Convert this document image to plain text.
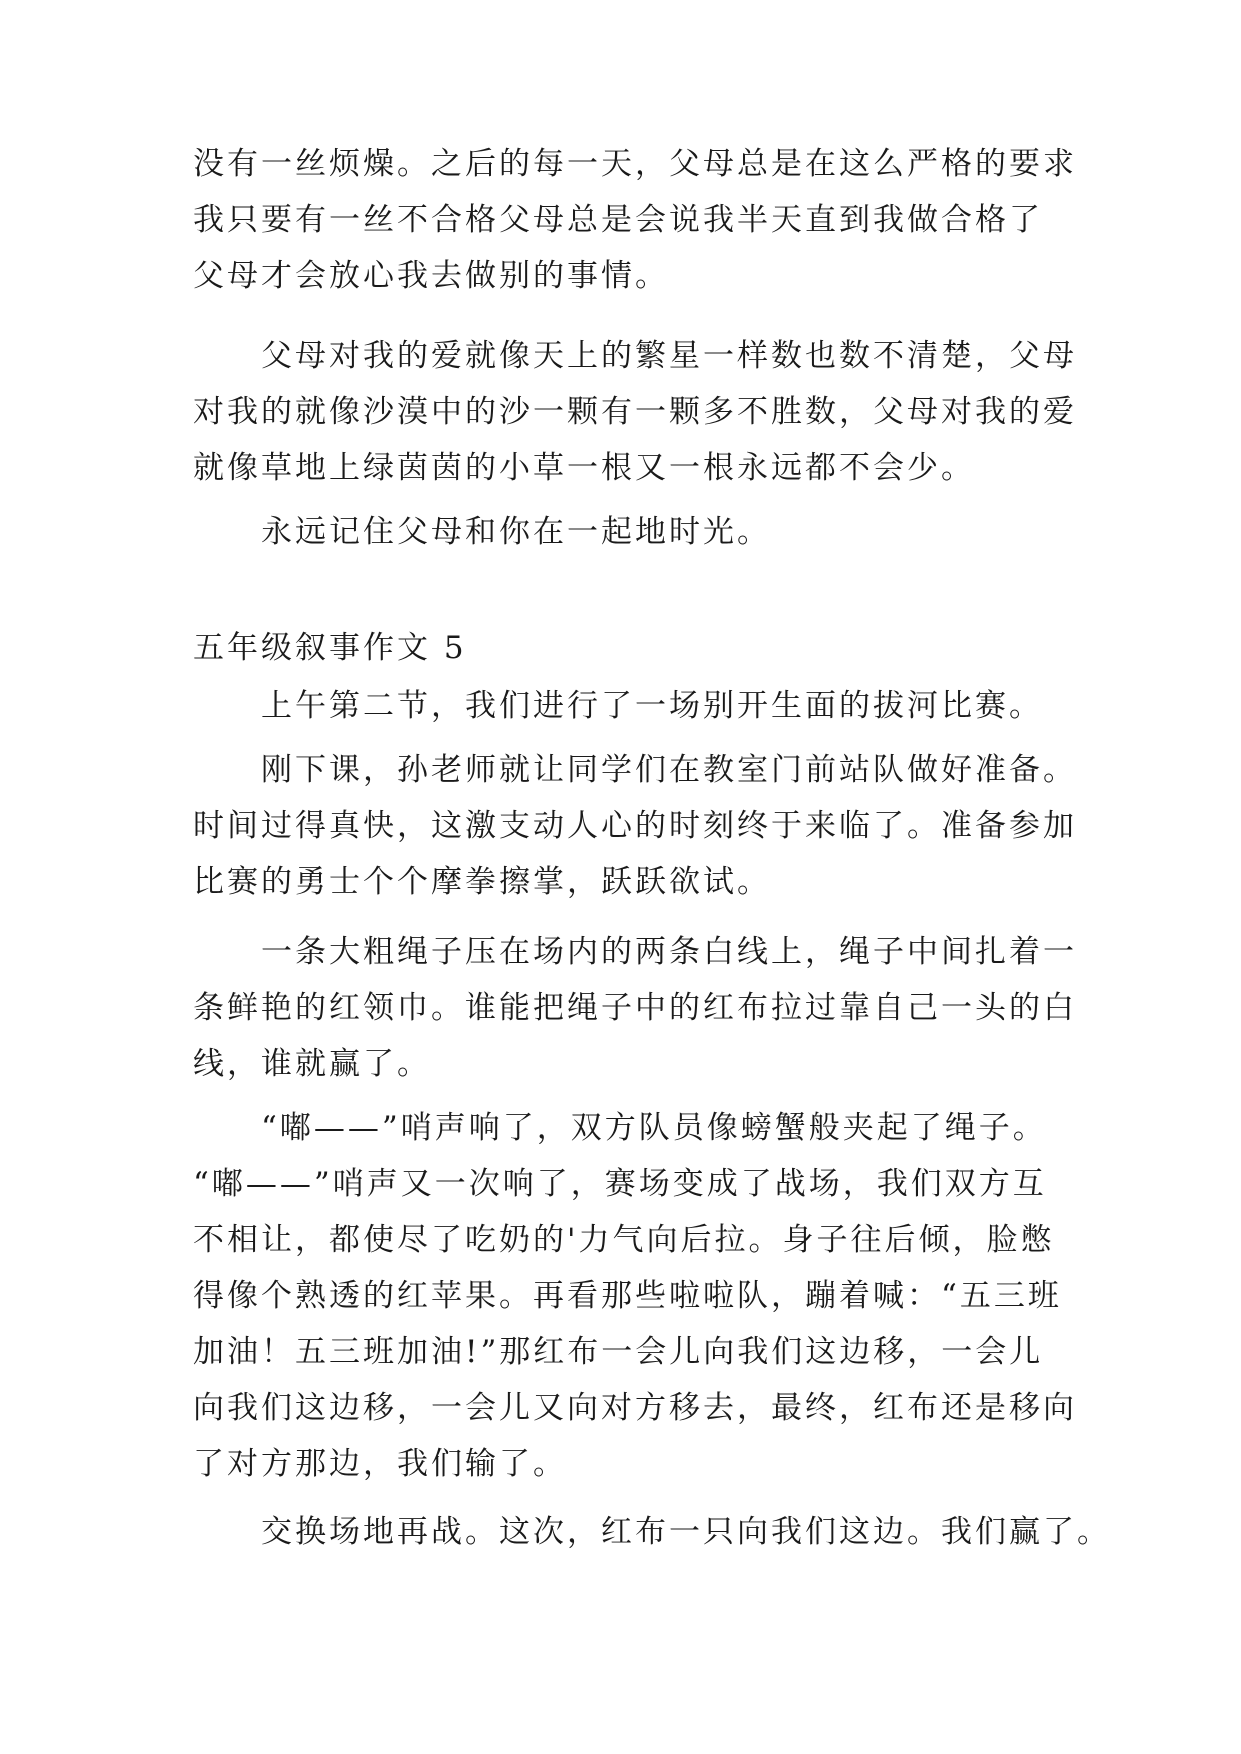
没有一丝烦燥。之后的每一天，父母总是在这么严格的要求
我只要有一丝不合格父母总是会说我半天直到我做合格了
父母才会放心我去做别的事情。
　　父母对我的爱就像天上的繁星一样数也数不清楚，父母
对我的就像沙漠中的沙一颗有一颗多不胜数，父母对我的爱
就像草地上绿茵茵的小草一根又一根永远都不会少。
　　永远记住父母和你在一起地时光。
五年级叙事作文 5
　　上午第二节，我们进行了一场别开生面的拔河比赛。
　　刚下课，孙老师就让同学们在教室门前站队做好准备。
时间过得真快，这激支动人心的时刻终于来临了。准备参加
比赛的勇士个个摩拳擦掌，跃跃欲试。
　　一条大粗绳子压在场内的两条白线上，绳子中间扎着一
条鲜艳的红领巾。谁能把绳子中的红布拉过靠自己一头的白
线，谁就赢了。
　　“嘟——”哨声响了，双方队员像螃蟹般夹起了绳子。
“嘟——”哨声又一次响了，赛场变成了战场，我们双方互
不相让，都使尽了吃奶的'力气向后拉。身子往后倾，脸憋
得像个熟透的红苹果。再看那些啦啦队，蹦着喊：“五三班
加油！五三班加油!”那红布一会儿向我们这边移，一会儿
向我们这边移，一会儿又向对方移去，最终，红布还是移向
了对方那边，我们输了。
　　交换场地再战。这次，红布一只向我们这边。我们赢了。
